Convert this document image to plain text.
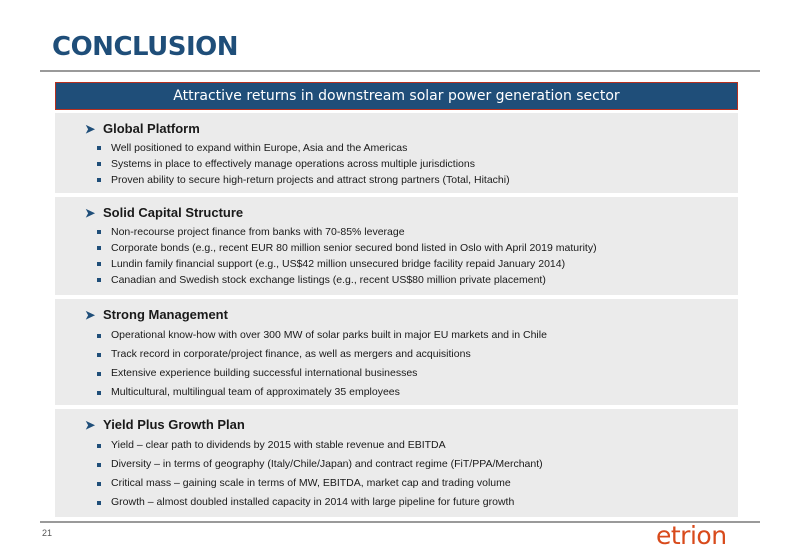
CONCLUSION
Attractive returns in downstream solar power generation sector
➤ Global Platform
Well positioned to expand within Europe, Asia and the Americas
Systems in place to effectively manage operations across multiple jurisdictions
Proven ability to secure high-return projects and attract strong partners (Total, Hitachi)
➤ Solid Capital Structure
Non-recourse project finance from banks with 70-85% leverage
Corporate bonds (e.g., recent EUR 80 million senior secured bond listed in Oslo with April 2019 maturity)
Lundin family financial support (e.g., US$42 million unsecured bridge facility repaid January 2014)
Canadian and Swedish stock exchange listings (e.g., recent US$80 million private placement)
➤ Strong Management
Operational know-how with over 300 MW of solar parks built in major EU markets and in Chile
Track record in corporate/project finance, as well as mergers and acquisitions
Extensive experience building successful international businesses
Multicultural, multilingual team of approximately 35 employees
➤ Yield Plus Growth Plan
Yield – clear path to dividends by 2015 with stable revenue and EBITDA
Diversity – in terms of geography (Italy/Chile/Japan) and contract regime (FiT/PPA/Merchant)
Critical mass – gaining scale in terms of MW, EBITDA, market cap and trading volume
Growth – almost doubled installed capacity in 2014 with large pipeline for future growth
21	etrion
